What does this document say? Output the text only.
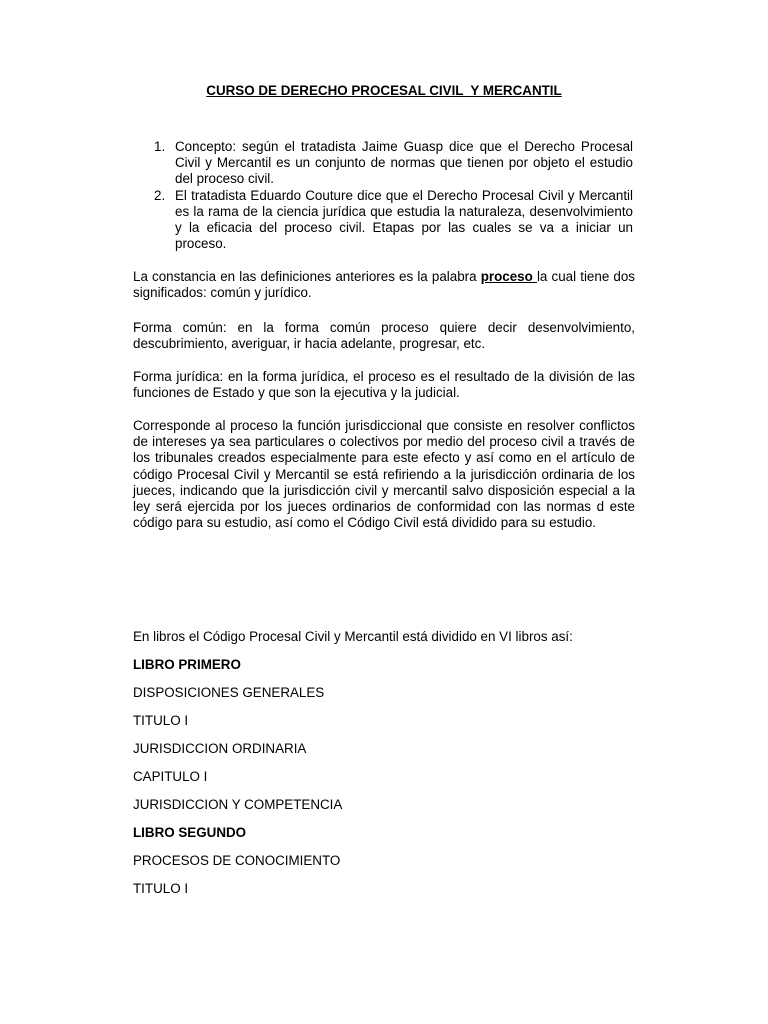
CURSO DE DERECHO PROCESAL CIVIL  Y MERCANTIL
1. Concepto: según el tratadista Jaime Guasp dice que el Derecho Procesal Civil y Mercantil es un conjunto de normas que tienen por objeto el estudio del proceso civil.
2. El tratadista Eduardo Couture dice que el Derecho Procesal Civil y Mercantil es la rama de la ciencia jurídica que estudia la naturaleza, desenvolvimiento y la eficacia del proceso civil. Etapas por las cuales se va a iniciar un proceso.

La constancia en las definiciones anteriores es la palabra proceso la cual tiene dos significados: común y jurídico.

Forma común: en la forma común proceso quiere decir desenvolvimiento, descubrimiento, averiguar, ir hacia adelante, progresar, etc.

Forma jurídica: en la forma jurídica, el proceso es el resultado de la división de las funciones de Estado y que son la ejecutiva y la judicial.

Corresponde al proceso la función jurisdiccional que consiste en resolver conflictos de intereses ya sea particulares o colectivos por medio del proceso civil a través de los tribunales creados especialmente para este efecto y así como en el artículo de código Procesal Civil y Mercantil se está refiriendo a la jurisdicción ordinaria de los jueces, indicando que la jurisdicción civil y mercantil salvo disposición especial a la ley será ejercida por los jueces ordinarios de conformidad con las normas d este código para su estudio, así como el Código Civil está dividido para su estudio.

En libros el Código Procesal Civil y Mercantil está dividido en VI libros así:

LIBRO PRIMERO

DISPOSICIONES GENERALES

TITULO I

JURISDICCION ORDINARIA

CAPITULO I

JURISDICCION Y COMPETENCIA

LIBRO SEGUNDO

PROCESOS DE CONOCIMIENTO

TITULO I
